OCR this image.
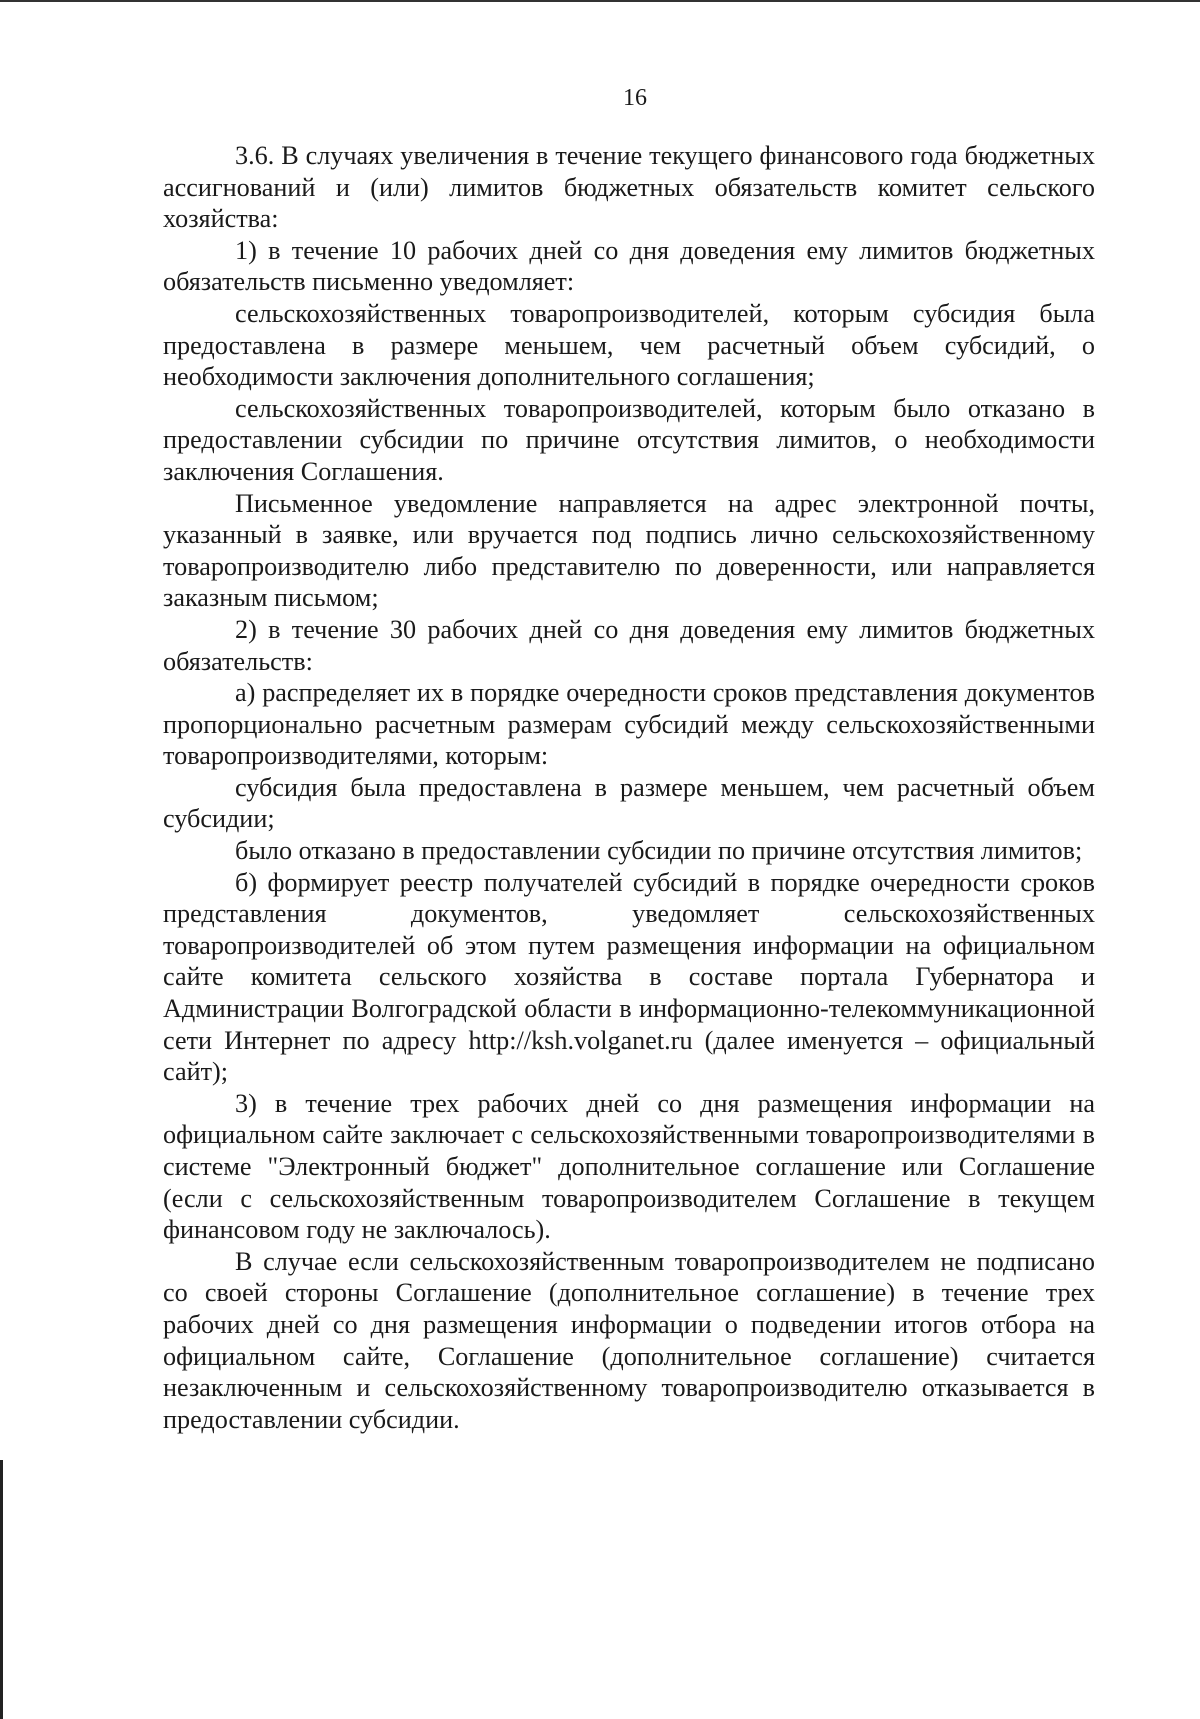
16

3.6. В случаях увеличения в течение текущего финансового года бюджетных ассигнований и (или) лимитов бюджетных обязательств комитет сельского хозяйства:

1) в течение 10 рабочих дней со дня доведения ему лимитов бюджетных обязательств письменно уведомляет:

сельскохозяйственных товаропроизводителей, которым субсидия была предоставлена в размере меньшем, чем расчетный объем субсидий, о необходимости заключения дополнительного соглашения;

сельскохозяйственных товаропроизводителей, которым было отказано в предоставлении субсидии по причине отсутствия лимитов, о необходимости заключения Соглашения.

Письменное уведомление направляется на адрес электронной почты, указанный в заявке, или вручается под подпись лично сельскохозяйственному товаропроизводителю либо представителю по доверенности, или направляется заказным письмом;

2) в течение 30 рабочих дней со дня доведения ему лимитов бюджетных обязательств:

а) распределяет их в порядке очередности сроков представления документов пропорционально расчетным размерам субсидий между сельскохозяйственными товаропроизводителями, которым:

субсидия была предоставлена в размере меньшем, чем расчетный объем субсидии;

было отказано в предоставлении субсидии по причине отсутствия лимитов;

б) формирует реестр получателей субсидий в порядке очередности сроков представления документов, уведомляет сельскохозяйственных товаропроизводителей об этом путем размещения информации на официальном сайте комитета сельского хозяйства в составе портала Губернатора и Администрации Волгоградской области в информационно-телекоммуникационной сети Интернет по адресу http://ksh.volganet.ru (далее именуется – официальный сайт);

3) в течение трех рабочих дней со дня размещения информации на официальном сайте заключает с сельскохозяйственными товаропроизводителями в системе "Электронный бюджет" дополнительное соглашение или Соглашение (если с сельскохозяйственным товаропроизводителем Соглашение в текущем финансовом году не заключалось).

В случае если сельскохозяйственным товаропроизводителем не подписано со своей стороны Соглашение (дополнительное соглашение) в течение трех рабочих дней со дня размещения информации о подведении итогов отбора на официальном сайте, Соглашение (дополнительное соглашение) считается незаключенным и сельскохозяйственному товаропроизводителю отказывается в предоставлении субсидии.
